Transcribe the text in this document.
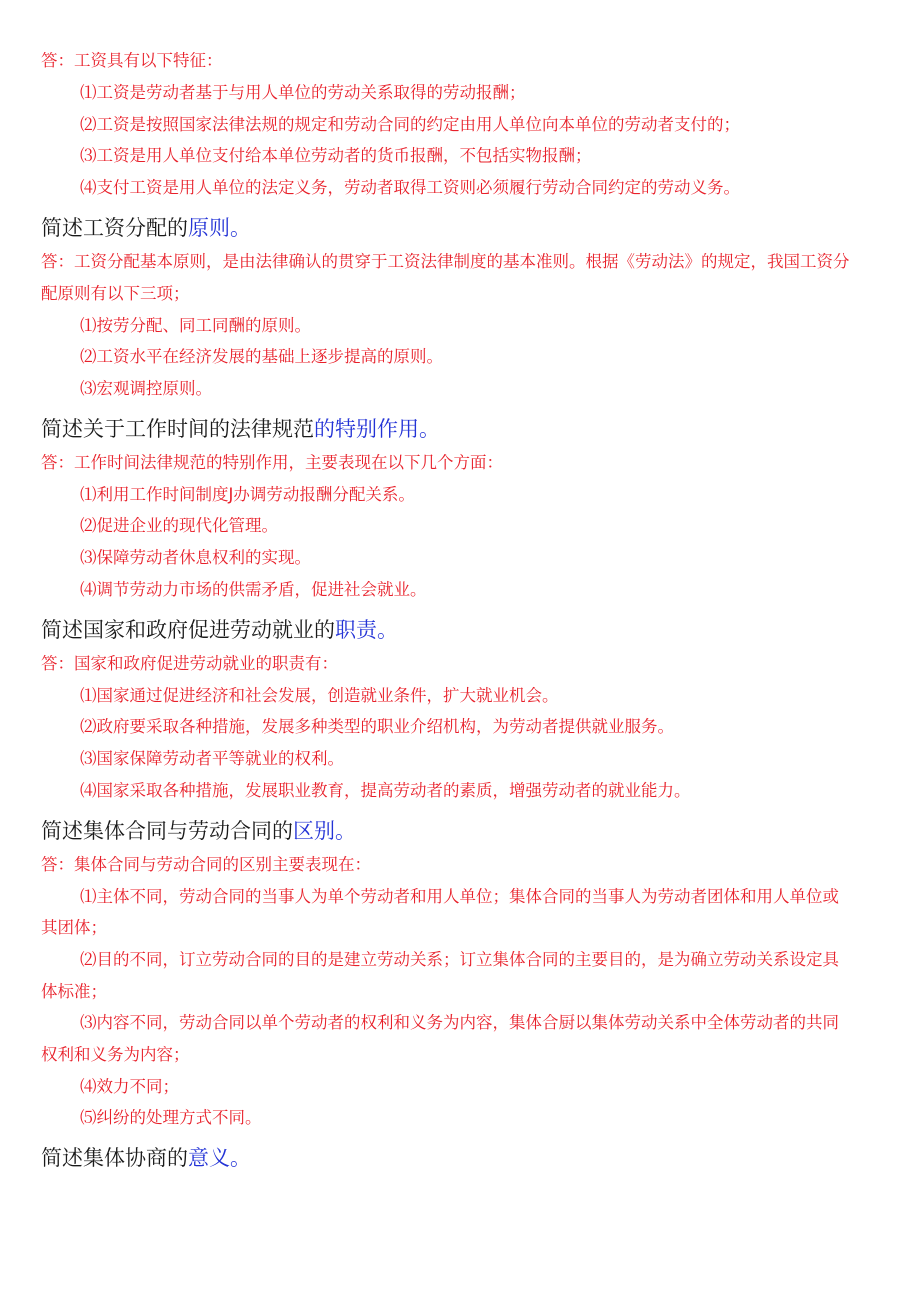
答：工资具有以下特征：
⑴工资是劳动者基于与用人单位的劳动关系取得的劳动报酬；
⑵工资是按照国家法律法规的规定和劳动合同的约定由用人单位向本单位的劳动者支付的；
⑶工资是用人单位支付给本单位劳动者的货币报酬，不包括实物报酬；
⑷支付工资是用人单位的法定义务，劳动者取得工资则必须履行劳动合同约定的劳动义务。
简述工资分配的原则。
答：工资分配基本原则，是由法律确认的贯穿于工资法律制度的基本准则。根据《劳动法》的规定，我国工资分
配原则有以下三项；
⑴按劳分配、同工同酬的原则。
⑵工资水平在经济发展的基础上逐步提高的原则。
⑶宏观调控原则。
简述关于工作时间的法律规范的特别作用。
答：工作时间法律规范的特别作用，主要表现在以下几个方面：
⑴利用工作时间制度J办调劳动报酬分配关系。
⑵促进企业的现代化管理。
⑶保障劳动者休息权利的实现。
⑷调节劳动力市场的供需矛盾，促进社会就业。
简述国家和政府促进劳动就业的职责。
答：国家和政府促进劳动就业的职责有：
⑴国家通过促进经济和社会发展，创造就业条件，扩大就业机会。
⑵政府要采取各种措施，发展多种类型的职业介绍机构，为劳动者提供就业服务。
⑶国家保障劳动者平等就业的权利。
⑷国家采取各种措施，发展职业教育，提高劳动者的素质，增强劳动者的就业能力。
简述集体合同与劳动合同的区别。
答：集体合同与劳动合同的区别主要表现在：
⑴主体不同，劳动合同的当事人为单个劳动者和用人单位；集体合同的当事人为劳动者团体和用人单位或
其团体；
⑵目的不同，订立劳动合同的目的是建立劳动关系；订立集体合同的主要目的，是为确立劳动关系设定具
体标准；
⑶内容不同，劳动合同以单个劳动者的权利和义务为内容，集体合厨以集体劳动关系中全体劳动者的共同
权利和义务为内容；
⑷效力不同；
⑸纠纷的处理方式不同。
简述集体协商的意义。
